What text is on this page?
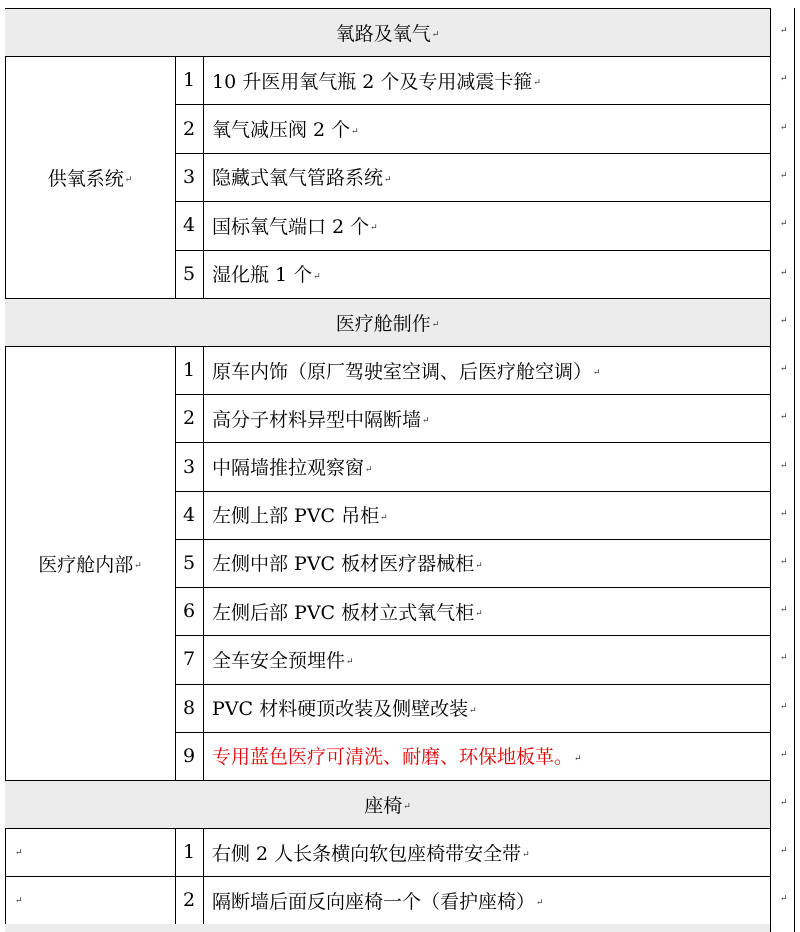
氧路及氧气 ↵	↵
供氧系统 ↵
1 10 升医用氧气瓶 2 个及专用减震卡箍 ↵	↵
2 氧气减压阀 2 个 ↵	↵
3 隐藏式氧气管路系统 ↵	↵
4 国标氧气端口 2 个 ↵	↵
5 湿化瓶 1 个 ↵	↵
医疗舱制作 ↵	↵
医疗舱内部 ↵
1 原车内饰（原厂驾驶室空调、后医疗舱空调） ↵	↵
2 高分子材料异型中隔断墙 ↵	↵
3 中隔墙推拉观察窗 ↵	↵
4 左侧上部 PVC 吊柜 ↵	↵
5 左侧中部 PVC 板材医疗器械柜 ↵	↵
6 左侧后部 PVC 板材立式氧气柜 ↵	↵
7 全车安全预埋件 ↵	↵
8 PVC 材料硬顶改装及侧壁改装 ↵	↵
9 专用蓝色医疗可清洗、耐磨、环保地板革。 ↵	↵
座椅 ↵	↵
↵	1 右侧 2 人长条横向软包座椅带安全带 ↵	↵
↵	2 隔断墙后面反向座椅一个（看护座椅） ↵	↵
